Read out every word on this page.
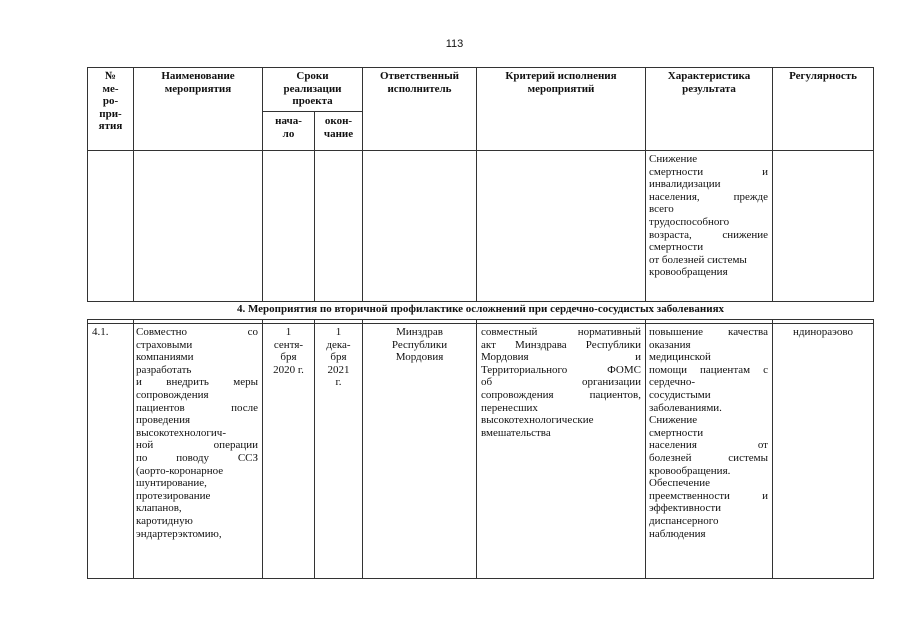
113
№
ме-
ро-
при-
ятия
Наименование
мероприятия
Сроки
реализации
проекта
нача-
ло
окон-
чание
Ответственный
исполнитель
Критерий исполнения
мероприятий
Характеристика
результата
Регулярность
Снижение
смертности и
инвалидизации
населения, прежде
всего
трудоспособного
возраста, снижение
смертности
от болезней системы
кровообращения
4. Мероприятия по вторичной профилактике осложнений при сердечно-сосудистых заболеваниях
4.1.	Совместно со
страховыми
компаниями
разработать
и внедрить меры
сопровождения
пациентов после
проведения
высокотехнологич-
ной операции
по поводу ССЗ
(аорто-коронарное
шунтирование,
протезирование
клапанов,
каротидную
эндартерэктомию,
1
сентя-
бря
2020 г.
1
дека-
бря
2021
г.
Минздрав
Республики
Мордовия
совместный нормативный
акт Минздрава Республики
Мордовия и
Территориального ФОМС
об организации
сопровождения пациентов,
перенесших
высокотехнологические
вмешательства
повышение качества
оказания
медицинской
помощи пациентам с
сердечно-
сосудистыми
заболеваниями.
Снижение
смертности
населения от
болезней системы
кровообращения.
Обеспечение
преемственности и
эффективности
диспансерного
наблюдения
ндинораэово
